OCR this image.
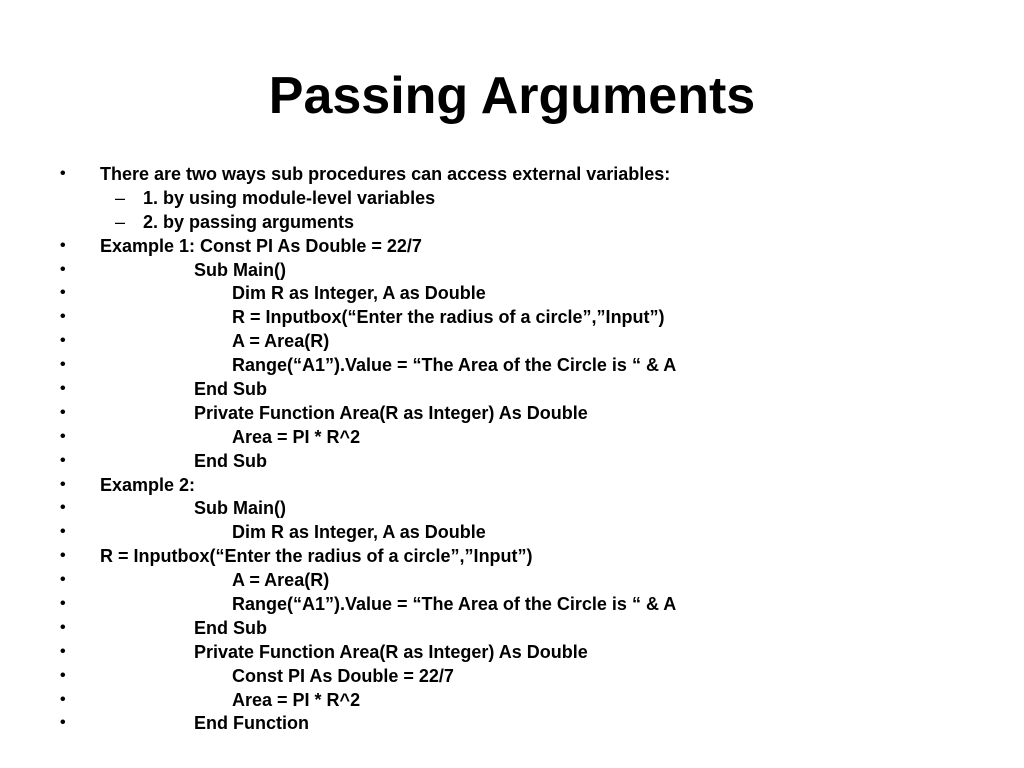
Passing Arguments
• There are two ways sub procedures can access external variables:
– 1. by using module-level variables
– 2. by passing arguments
• Example 1: Const PI As Double = 22/7
•	Sub Main()
•	Dim R as Integer, A as Double
•	R = Inputbox(“Enter the radius of a circle”,”Input”)
•	A = Area(R)
•	Range(“A1”).Value = “The Area of the Circle is “ & A
•	End Sub
•	Private Function Area(R as Integer) As Double
•	Area = PI * R^2
•	End Sub
• Example 2:
•	Sub Main()
•	Dim R as Integer, A as Double
• R = Inputbox(“Enter the radius of a circle”,”Input”)
•	A = Area(R)
•	Range(“A1”).Value = “The Area of the Circle is “ & A
•	End Sub
•	Private Function Area(R as Integer) As Double
•	Const PI As Double = 22/7
•	Area = PI * R^2
•	End Function
